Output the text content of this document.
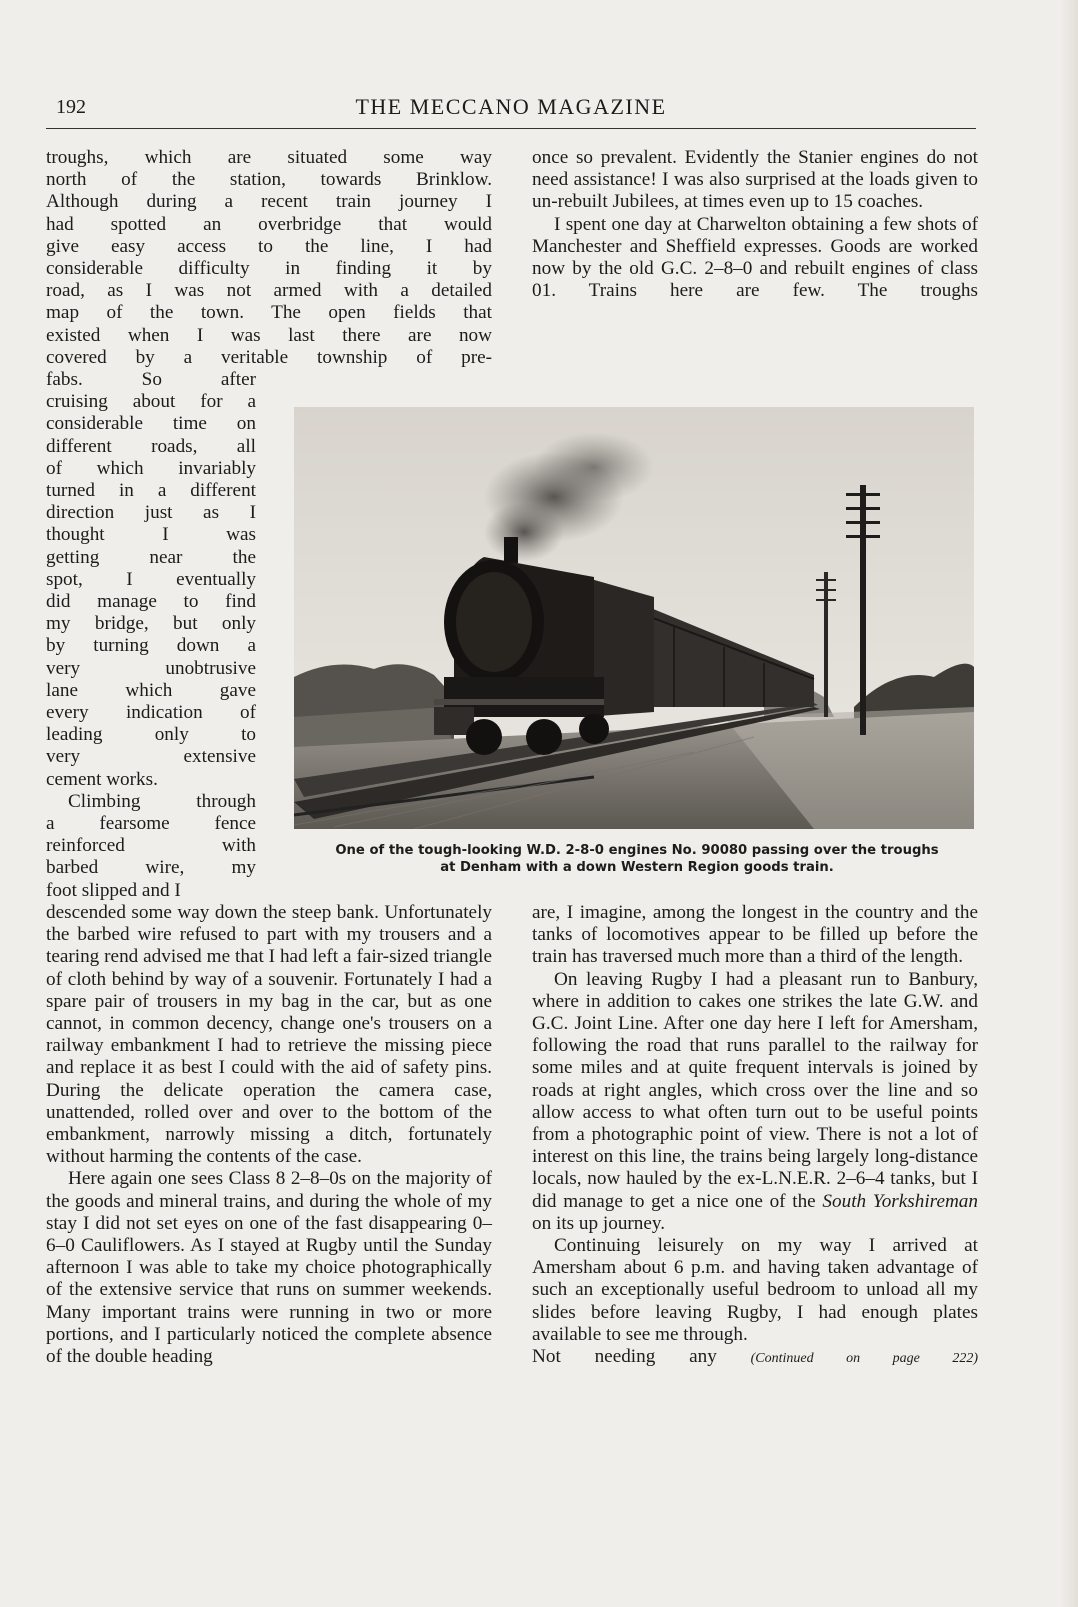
192	THE MECCANO MAGAZINE

troughs, which are situated some way

north of the station, towards Brinklow.

Although during a recent train journey I

had spotted an overbridge that would

give easy access to the line, I had

considerable difficulty in finding it by

road, as I was not armed with a detailed

map of the town. The open fields that

existed when I was last there are now

covered by a veritable township of pre-

fabs. So after

cruising about for a

considerable time on

different roads, all

of which invariably

turned in a different

direction just as I

thought I was

getting near the

spot, I eventually

did manage to find

my bridge, but only

by turning down a

very unobtrusive

lane which gave

every indication of

leading only to

very extensive

cement works.

Climbing through

a fearsome fence

reinforced with

barbed wire, my

foot slipped and I

One of the tough-looking W.D. 2-8-0 engines No. 90080 passing over the troughs
at Denham with a down Western Region goods train.

descended some way down the steep bank. Unfortunately the barbed wire refused to part with my trousers and a tearing rend advised me that I had left a fair-sized triangle of cloth behind by way of a souvenir. Fortunately I had a spare pair of trousers in my bag in the car, but as one cannot, in common decency, change one's trousers on a railway embankment I had to retrieve the missing piece and replace it as best I could with the aid of safety pins. During the delicate operation the camera case, unattended, rolled over and over to the bottom of the embankment, narrowly missing a ditch, fortunately without harming the contents of the case.

Here again one sees Class 8 2–8–0s on the majority of the goods and mineral trains, and during the whole of my stay I did not set eyes on one of the fast disappearing 0–6–0 Cauliflowers. As I stayed at Rugby until the Sunday afternoon I was able to take my choice photographically of the extensive service that runs on summer weekends. Many important trains were running in two or more portions, and I particularly noticed the complete absence of the double heading

once so prevalent. Evidently the Stanier engines do not need assistance! I was also surprised at the loads given to un-rebuilt Jubilees, at times even up to 15 coaches.

I spent one day at Charwelton obtaining a few shots of Manchester and Sheffield expresses. Goods are worked now by the old G.C. 2–8–0 and rebuilt engines of class 01. Trains here are few. The troughs

are, I imagine, among the longest in the country and the tanks of locomotives appear to be filled up before the train has traversed much more than a third of the length.

On leaving Rugby I had a pleasant run to Banbury, where in addition to cakes one strikes the late G.W. and G.C. Joint Line. After one day here I left for Amersham, following the road that runs parallel to the railway for some miles and at quite frequent intervals is joined by roads at right angles, which cross over the line and so allow access to what often turn out to be useful points from a photographic point of view. There is not a lot of interest on this line, the trains being largely long-distance locals, now hauled by the ex-L.N.E.R. 2–6–4 tanks, but I did manage to get a nice one of the South Yorkshireman on its up journey.

Continuing leisurely on my way I arrived at Amersham about 6 p.m. and having taken advantage of such an exceptionally useful bedroom to unload all my slides before leaving Rugby, I had enough plates available to see me through.

Not needing any (Continued on page 222)
